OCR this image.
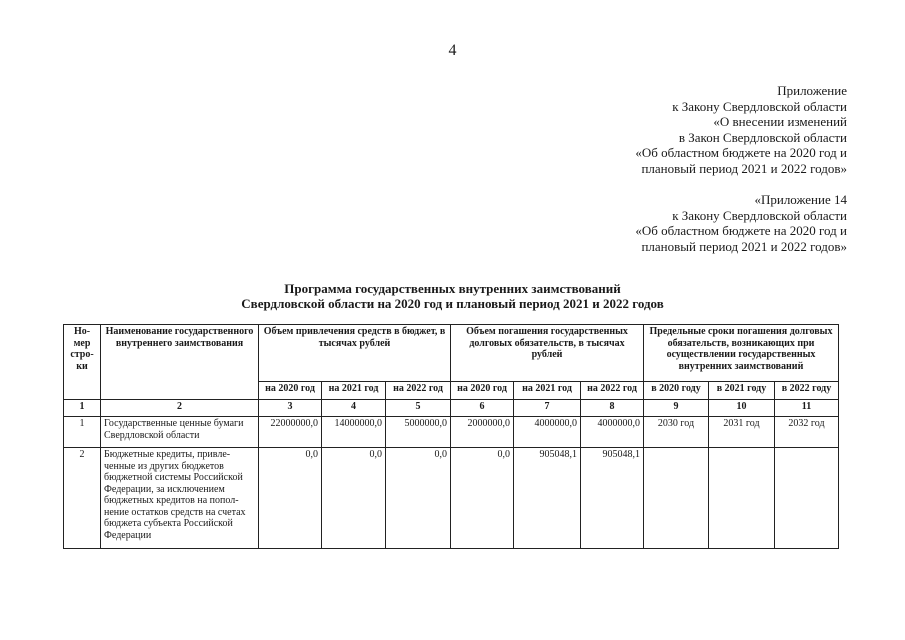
4
Приложение
к Закону Свердловской области
«О внесении изменений
в Закон Свердловской области
«Об областном бюджете на 2020 год и
плановый период 2021 и 2022 годов»
«Приложение 14
к Закону Свердловской области
«Об областном бюджете на 2020 год и
плановый период 2021 и 2022 годов»
Программа государственных внутренних заимствований
Свердловской области на 2020 год и плановый период 2021 и 2022 годов
Но-мер стро-ки	Наименование государственного внутреннего заимствования	Объем привлечения средств в бюджет, в тысячах рублей			Объем погашения государственных долговых обязательств, в тысячах рублей			Предельные сроки погашения долговых обязательств, возникающих при осуществлении государственных внутренних заимствований		
		на 2020 год	на 2021 год	на 2022 год	на 2020 год	на 2021 год	на 2022 год	в 2020 году	в 2021 году	в 2022 году
1	2	3	4	5	6	7	8	9	10	11
1	Государственные ценные бумаги Свердловской области	22000000,0	14000000,0	5000000,0	2000000,0	4000000,0	4000000,0	2030 год	2031 год	2032 год
2	Бюджетные кредиты, привле-ченные из других бюджетов бюджетной системы Российской Федерации, за исключением бюджетных кредитов на попол-нение остатков средств на счетах бюджета субъекта Российской Федерации	0,0	0,0	0,0	0,0	905048,1	905048,1			
